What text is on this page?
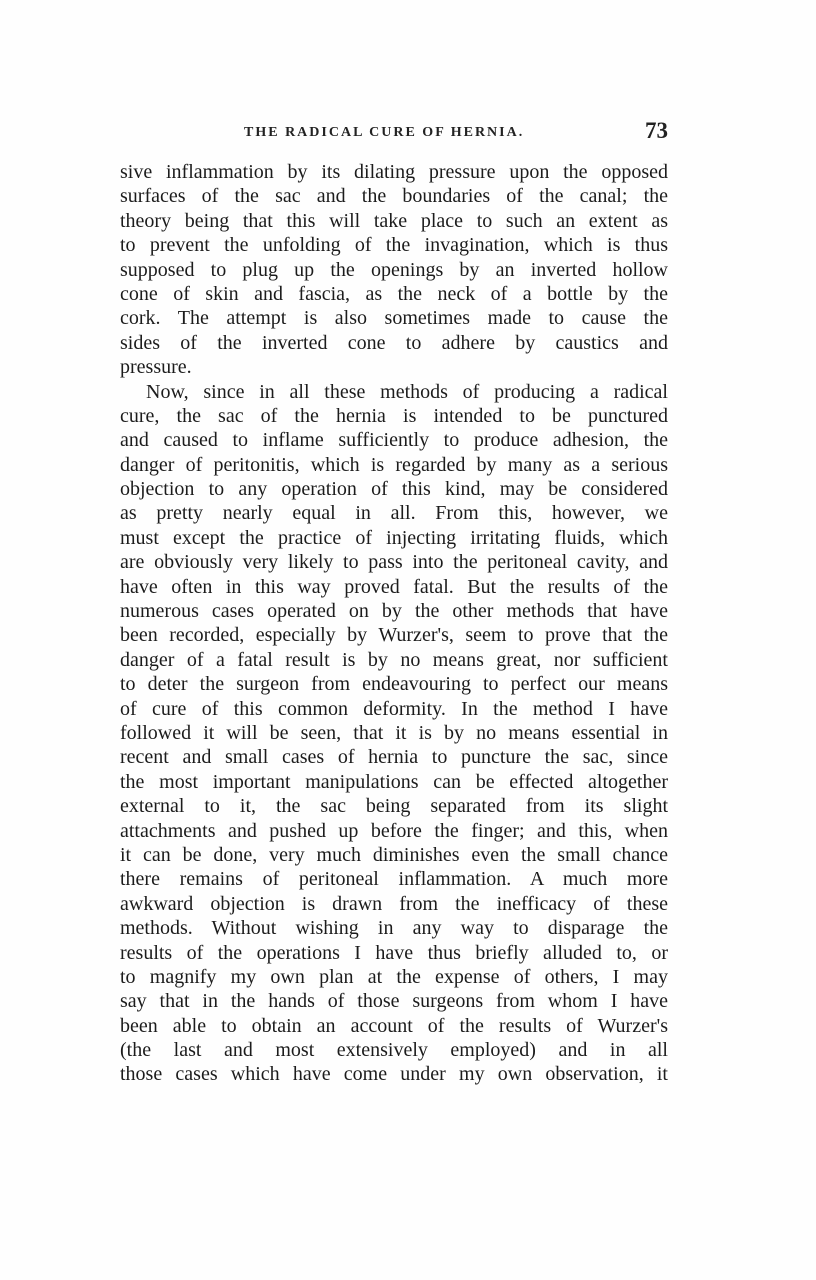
THE RADICAL CURE OF HERNIA.	73
sive inflammation by its dilating pressure upon the opposed
surfaces of the sac and the boundaries of the canal; the
theory being that this will take place to such an extent as
to prevent the unfolding of the invagination, which is thus
supposed to plug up the openings by an inverted hollow
cone of skin and fascia, as the neck of a bottle by the
cork. The attempt is also sometimes made to cause the
sides of the inverted cone to adhere by caustics and
pressure.
Now, since in all these methods of producing a radical
cure, the sac of the hernia is intended to be punctured
and caused to inflame sufficiently to produce adhesion, the
danger of peritonitis, which is regarded by many as a serious
objection to any operation of this kind, may be considered
as pretty nearly equal in all. From this, however, we
must except the practice of injecting irritating fluids, which
are obviously very likely to pass into the peritoneal cavity, and
have often in this way proved fatal. But the results of the
numerous cases operated on by the other methods that have
been recorded, especially by Wurzer's, seem to prove that the
danger of a fatal result is by no means great, nor sufficient
to deter the surgeon from endeavouring to perfect our means
of cure of this common deformity. In the method I have
followed it will be seen, that it is by no means essential in
recent and small cases of hernia to puncture the sac, since
the most important manipulations can be effected altogether
external to it, the sac being separated from its slight
attachments and pushed up before the finger; and this, when
it can be done, very much diminishes even the small chance
there remains of peritoneal inflammation. A much more
awkward objection is drawn from the inefficacy of these
methods. Without wishing in any way to disparage the
results of the operations I have thus briefly alluded to, or
to magnify my own plan at the expense of others, I may
say that in the hands of those surgeons from whom I have
been able to obtain an account of the results of Wurzer's
(the last and most extensively employed) and in all
those cases which have come under my own observation, it
